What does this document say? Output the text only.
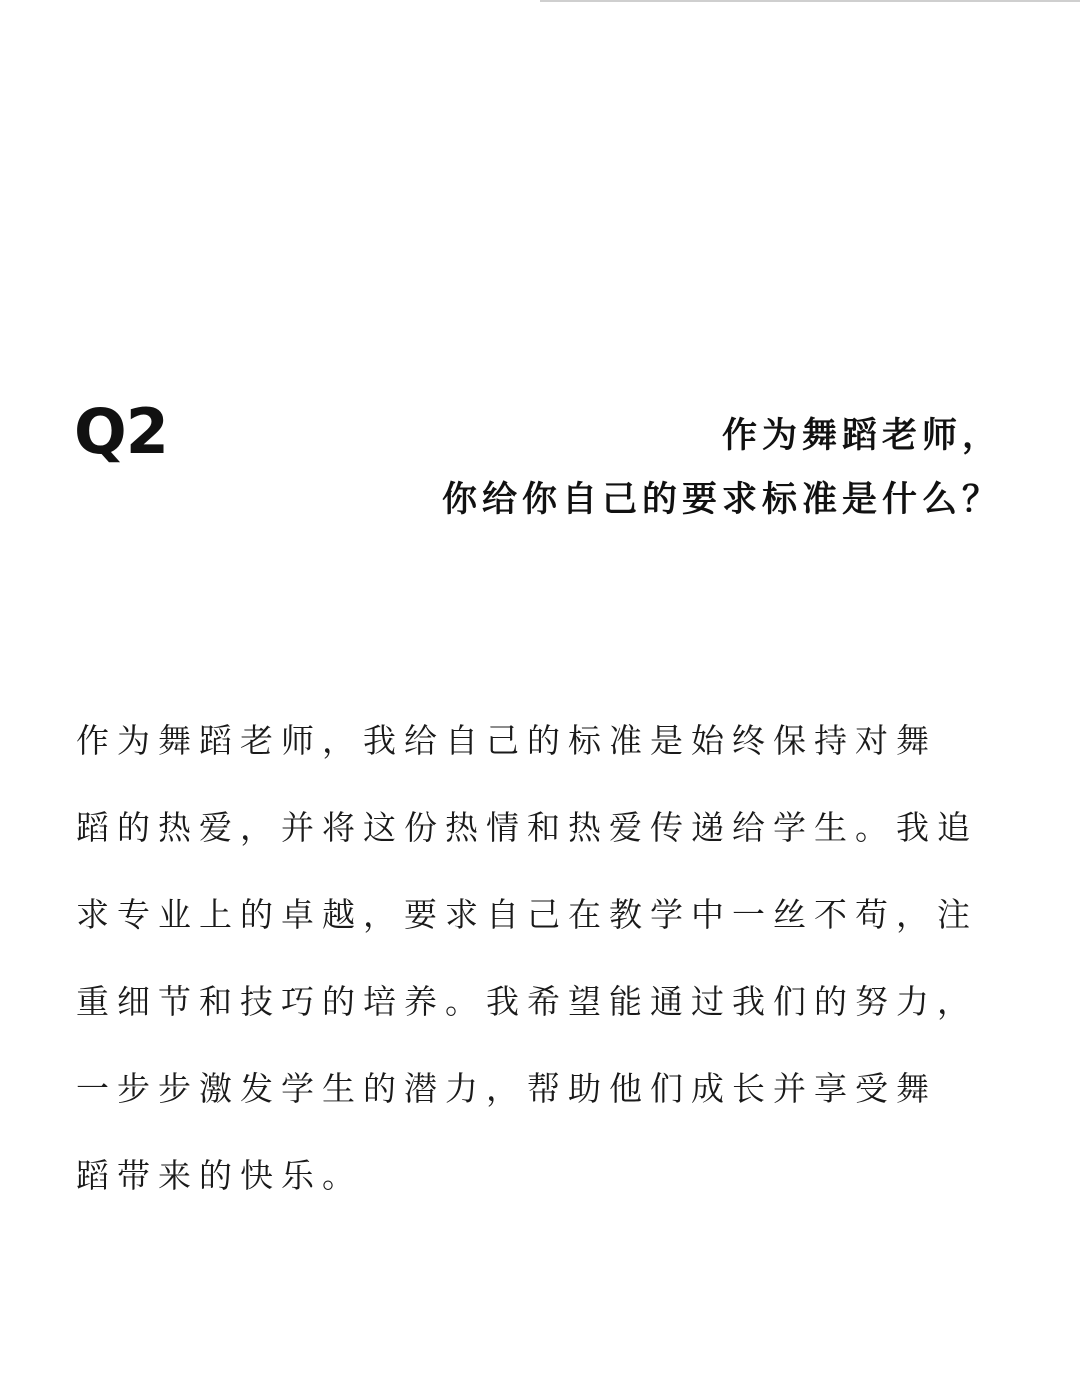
Q2	作为舞蹈老师，
你给你自己的要求标准是什么？
作为舞蹈老师，我给自己的标准是始终保持对舞
蹈的热爱，并将这份热情和热爱传递给学生。我追
求专业上的卓越，要求自己在教学中一丝不苟，注
重细节和技巧的培养。我希望能通过我们的努力，
一步步激发学生的潜力，帮助他们成长并享受舞
蹈带来的快乐。
